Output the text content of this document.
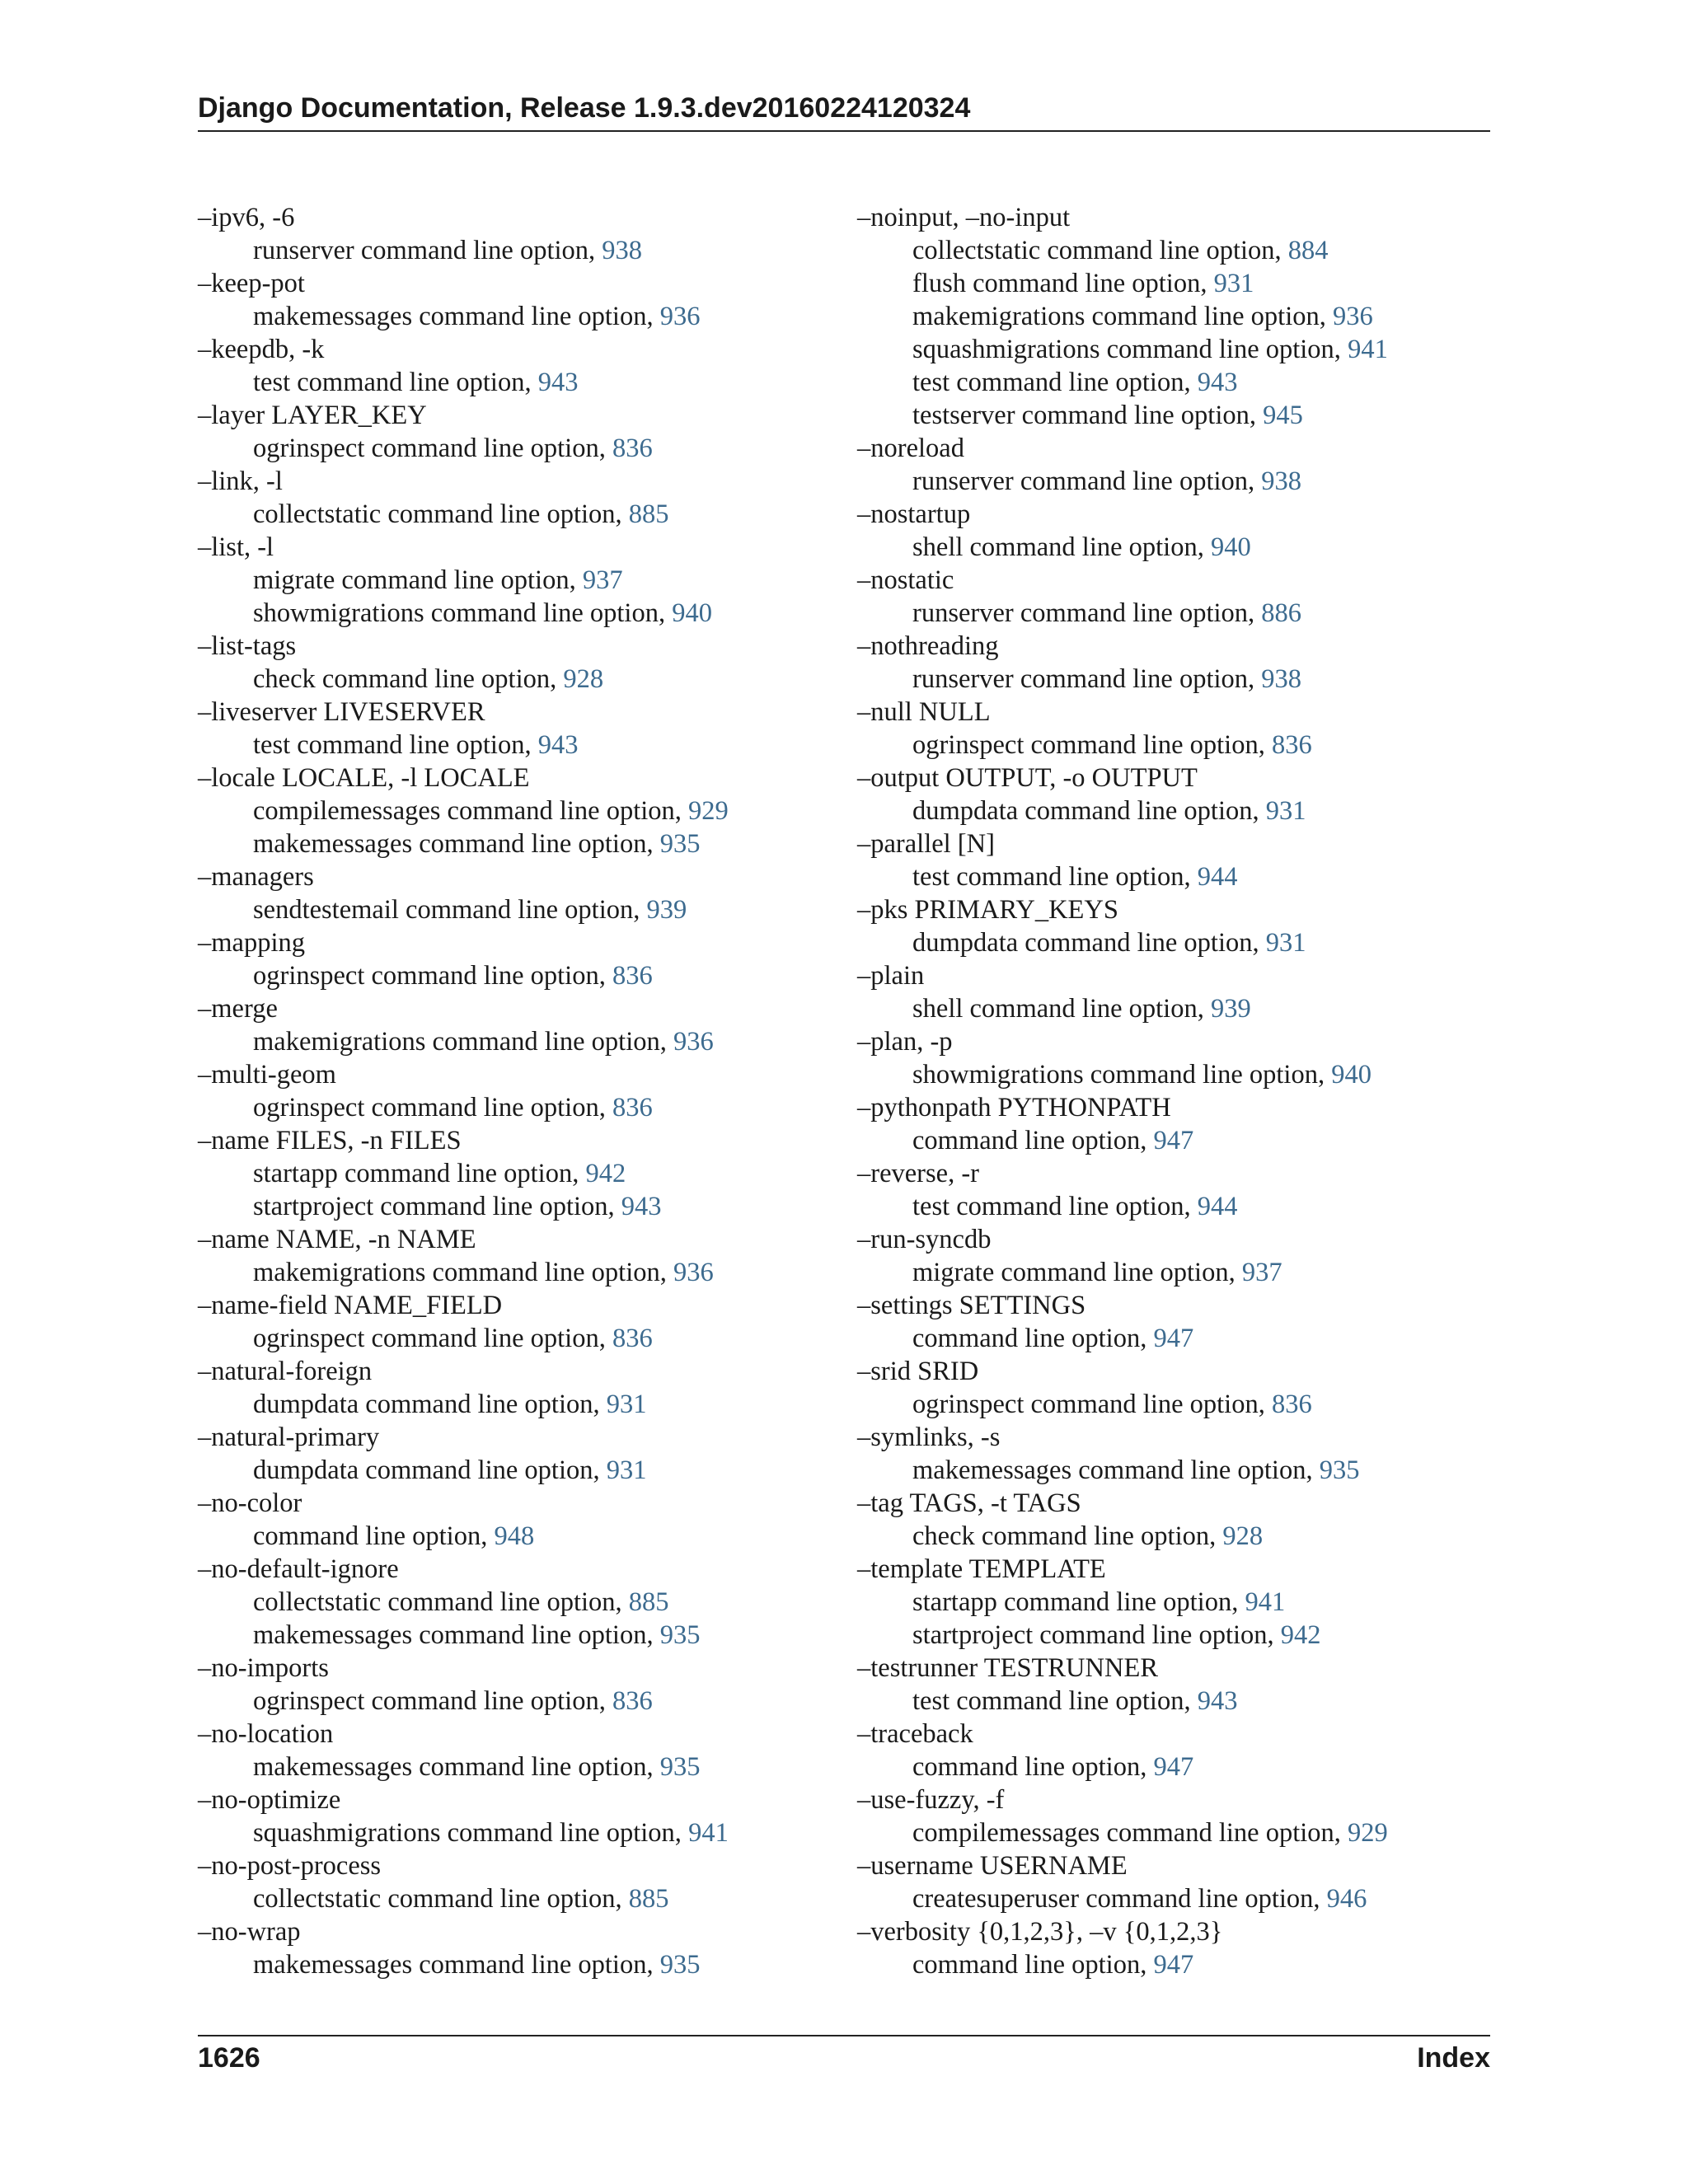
Django Documentation, Release 1.9.3.dev20160224120324
–ipv6, -6
runserver command line option, 938
–keep-pot
makemessages command line option, 936
–keepdb, -k
test command line option, 943
–layer LAYER_KEY
ogrinspect command line option, 836
–link, -l
collectstatic command line option, 885
–list, -l
migrate command line option, 937
showmigrations command line option, 940
–list-tags
check command line option, 928
–liveserver LIVESERVER
test command line option, 943
–locale LOCALE, -l LOCALE
compilemessages command line option, 929
makemessages command line option, 935
–managers
sendtestemail command line option, 939
–mapping
ogrinspect command line option, 836
–merge
makemigrations command line option, 936
–multi-geom
ogrinspect command line option, 836
–name FILES, -n FILES
startapp command line option, 942
startproject command line option, 943
–name NAME, -n NAME
makemigrations command line option, 936
–name-field NAME_FIELD
ogrinspect command line option, 836
–natural-foreign
dumpdata command line option, 931
–natural-primary
dumpdata command line option, 931
–no-color
command line option, 948
–no-default-ignore
collectstatic command line option, 885
makemessages command line option, 935
–no-imports
ogrinspect command line option, 836
–no-location
makemessages command line option, 935
–no-optimize
squashmigrations command line option, 941
–no-post-process
collectstatic command line option, 885
–no-wrap
makemessages command line option, 935
–noinput, –no-input
collectstatic command line option, 884
flush command line option, 931
makemigrations command line option, 936
squashmigrations command line option, 941
test command line option, 943
testserver command line option, 945
–noreload
runserver command line option, 938
–nostartup
shell command line option, 940
–nostatic
runserver command line option, 886
–nothreading
runserver command line option, 938
–null NULL
ogrinspect command line option, 836
–output OUTPUT, -o OUTPUT
dumpdata command line option, 931
–parallel [N]
test command line option, 944
–pks PRIMARY_KEYS
dumpdata command line option, 931
–plain
shell command line option, 939
–plan, -p
showmigrations command line option, 940
–pythonpath PYTHONPATH
command line option, 947
–reverse, -r
test command line option, 944
–run-syncdb
migrate command line option, 937
–settings SETTINGS
command line option, 947
–srid SRID
ogrinspect command line option, 836
–symlinks, -s
makemessages command line option, 935
–tag TAGS, -t TAGS
check command line option, 928
–template TEMPLATE
startapp command line option, 941
startproject command line option, 942
–testrunner TESTRUNNER
test command line option, 943
–traceback
command line option, 947
–use-fuzzy, -f
compilemessages command line option, 929
–username USERNAME
createsuperuser command line option, 946
–verbosity {0,1,2,3}, –v {0,1,2,3}
command line option, 947
1626	Index
